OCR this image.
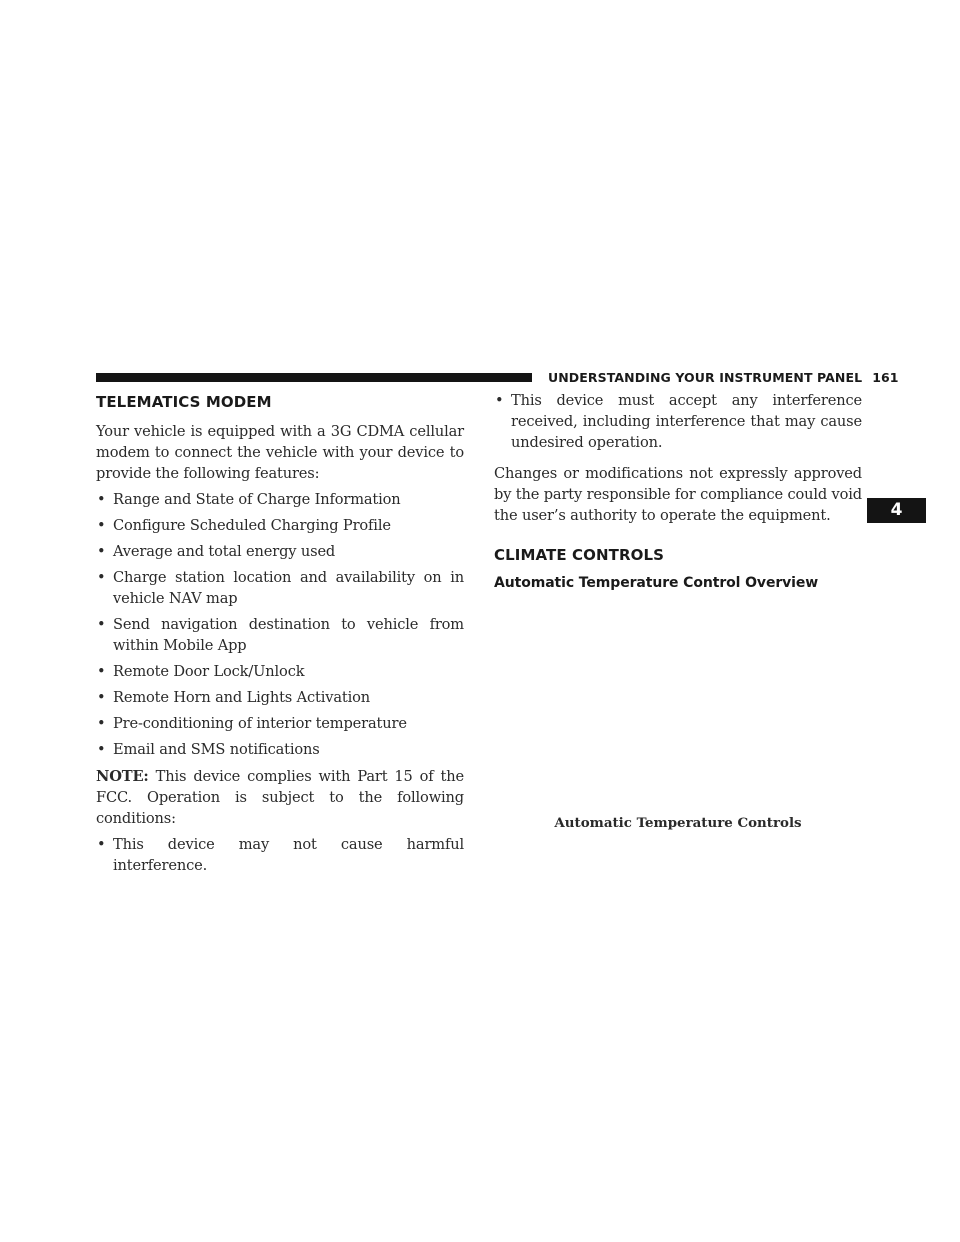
UNDERSTANDING YOUR INSTRUMENT PANEL 161
4
TELEMATICS MODEM

Your vehicle is equipped with a 3G CDMA cellular modem to connect the vehicle with your device to provide the following features:

• Range and State of Charge Information
• Configure Scheduled Charging Profile
• Average and total energy used
• Charge station location and availability on in vehicle NAV map
• Send navigation destination to vehicle from within Mobile App
• Remote Door Lock/Unlock
• Remote Horn and Lights Activation
• Pre-conditioning of interior temperature
• Email and SMS notifications

NOTE: This device complies with Part 15 of the FCC. Operation is subject to the following conditions:

• This device may not cause harmful interference.
• This device must accept any interference received, including interference that may cause undesired operation.

Changes or modifications not expressly approved by the party responsible for compliance could void the user’s authority to operate the equipment.

CLIMATE CONTROLS
Automatic Temperature Control Overview
Automatic Temperature Controls
